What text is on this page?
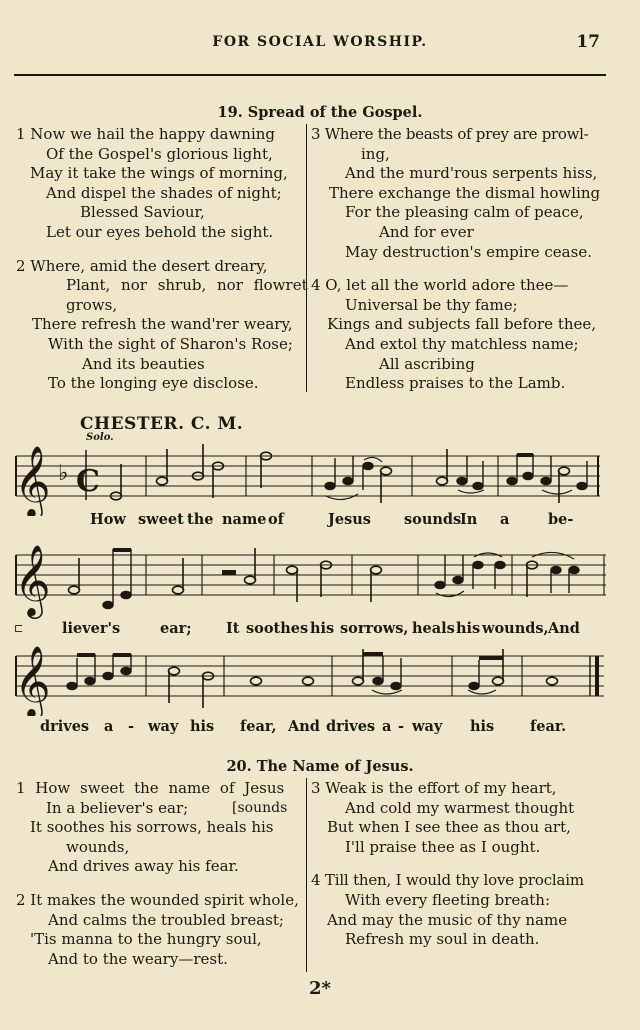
FOR SOCIAL WORSHIP.	17
19. Spread of the Gospel.
1 Now we hail the happy dawning
Of the Gospel's glorious light,
May it take the wings of morning,
And dispel the shades of night;
Blessed Saviour,
Let our eyes behold the sight.
2 Where, amid the desert dreary,
Plant, nor shrub, nor flowret
grows,
There refresh the wand'rer weary,
With the sight of Sharon's Rose;
And its beauties
To the longing eye disclose.
3 Where the beasts of prey are prowl-
ing,
And the murd'rous serpents hiss,
There exchange the dismal howling
For the pleasing calm of peace,
And for ever
May destruction's empire cease.
4 O, let all the world adore thee—
Universal be thy fame;
Kings and subjects fall before thee,
And extol thy matchless name;
All ascribing
Endless praises to the Lamb.
CHESTER. C. M.
Solo.
𝄞 ♭ C
How sweet the name of	Jesus sounds
In a	be-
𝄞
⊏	liever's	ear; It soothes his sorrows, heals his wounds, And
𝄞
drives a - way his fear, And drives a - way his fear.
20. The Name of Jesus.
1 How sweet the name of Jesus
In a believer's ear;
It soothes his sorrows, heals his
wounds,
And drives away his fear.
2 It makes the wounded spirit whole,
And calms the troubled breast;
'Tis manna to the hungry soul,
And to the weary—rest.
[sounds
3 Weak is the effort of my heart,
And cold my warmest thought
But when I see thee as thou art,
I'll praise thee as I ought.
4 Till then, I would thy love proclaim
With every fleeting breath:
And may the music of thy name
Refresh my soul in death.
2*
